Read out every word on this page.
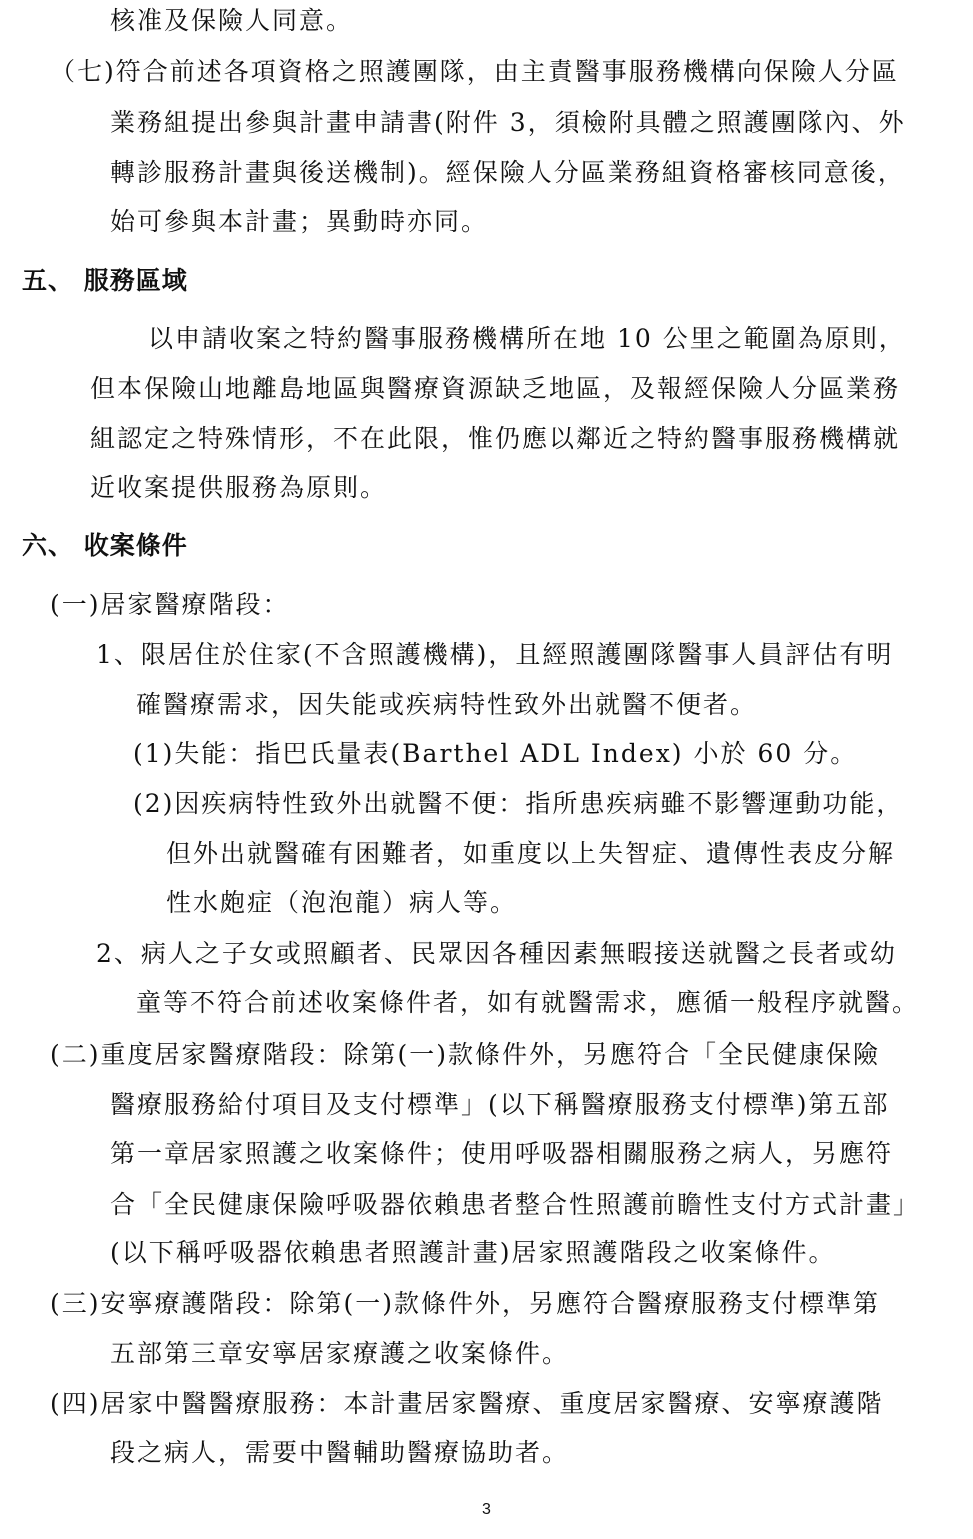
核准及保險人同意。
（七)符合前述各項資格之照護團隊，由主責醫事服務機構向保險人分區
業務組提出參與計畫申請書(附件 3，須檢附具體之照護團隊內、外
轉診服務計畫與後送機制)。經保險人分區業務組資格審核同意後，
始可參與本計畫；異動時亦同。
五、 服務區域
以申請收案之特約醫事服務機構所在地 10 公里之範圍為原則，
但本保險山地離島地區與醫療資源缺乏地區，及報經保險人分區業務
組認定之特殊情形，不在此限，惟仍應以鄰近之特約醫事服務機構就
近收案提供服務為原則。
六、 收案條件
(一)居家醫療階段：
1、限居住於住家(不含照護機構)，且經照護團隊醫事人員評估有明
確醫療需求，因失能或疾病特性致外出就醫不便者。
(1)失能：指巴氏量表(Barthel ADL Index) 小於 60 分。
(2)因疾病特性致外出就醫不便：指所患疾病雖不影響運動功能，
但外出就醫確有困難者，如重度以上失智症、遺傳性表皮分解
性水皰症（泡泡龍）病人等。
2、病人之子女或照顧者、民眾因各種因素無暇接送就醫之長者或幼
童等不符合前述收案條件者，如有就醫需求，應循一般程序就醫。
(二)重度居家醫療階段：除第(一)款條件外，另應符合「全民健康保險
醫療服務給付項目及支付標準」(以下稱醫療服務支付標準)第五部
第一章居家照護之收案條件；使用呼吸器相關服務之病人，另應符
合「全民健康保險呼吸器依賴患者整合性照護前瞻性支付方式計畫」
(以下稱呼吸器依賴患者照護計畫)居家照護階段之收案條件。
(三)安寧療護階段：除第(一)款條件外，另應符合醫療服務支付標準第
五部第三章安寧居家療護之收案條件。
(四)居家中醫醫療服務：本計畫居家醫療、重度居家醫療、安寧療護階
段之病人，需要中醫輔助醫療協助者。
3
